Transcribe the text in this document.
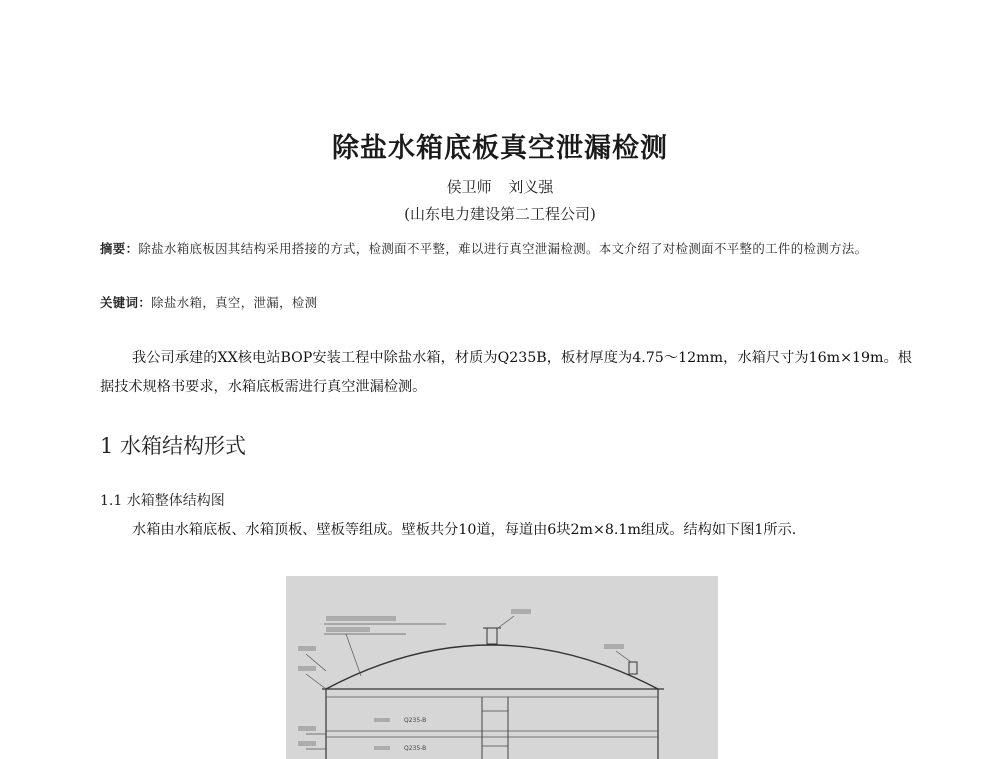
除盐水箱底板真空泄漏检测
侯卫师 刘义强
(山东电力建设第二工程公司)
摘要：除盐水箱底板因其结构采用搭接的方式，检测面不平整，难以进行真空泄漏检测。本文介绍了对检测面不平整的工件的检测方法。
关键词：除盐水箱，真空，泄漏，检测
我公司承建的XX核电站BOP安装工程中除盐水箱，材质为Q235B，板材厚度为4.75～12mm，水箱尺寸为16m×19m。根据技术规格书要求，水箱底板需进行真空泄漏检测。
1 水箱结构形式
1.1 水箱整体结构图
水箱由水箱底板、水箱顶板、壁板等组成。壁板共分10道，每道由6块2m×8.1m组成。结构如下图1所示.
Q235-B
Q235-B
